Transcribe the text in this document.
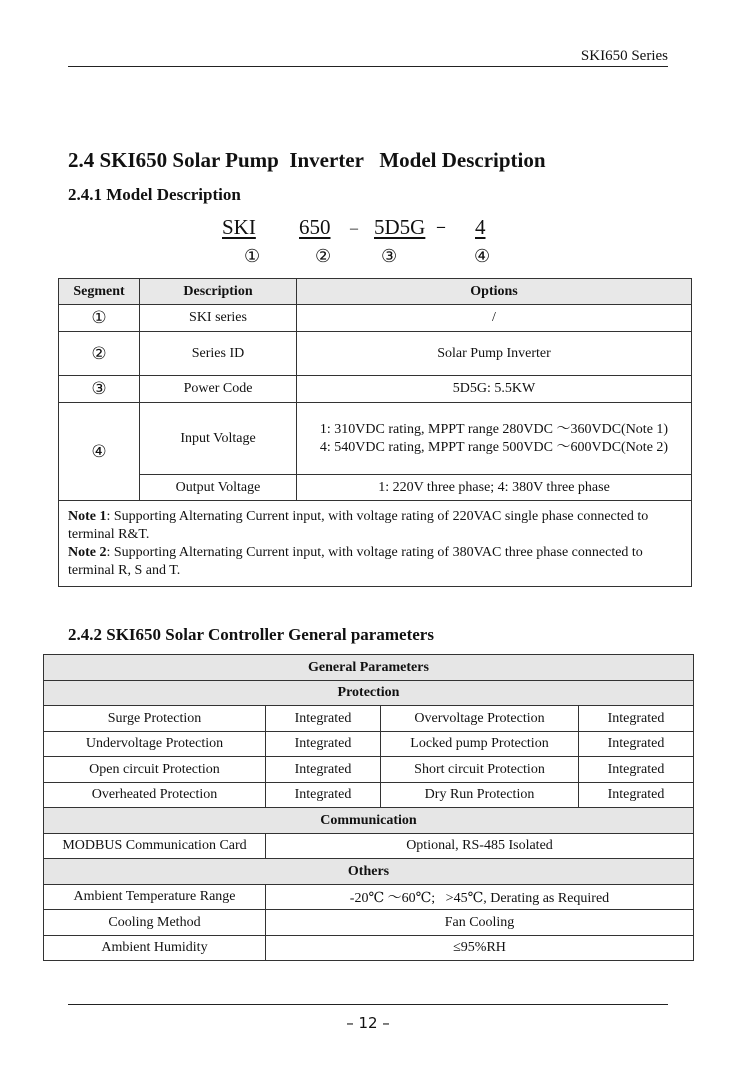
SKI650 Series
2.4 SKI650 Solar Pump  Inverter   Model Description
2.4.1 Model Description
SKI 650 – 5D5G – 4
①	②	③	④
Segment	Description	Options
①	SKI series	/
②	Series ID	Solar Pump Inverter
③	Power Code	5D5G: 5.5KW
④	Input Voltage	1: 310VDC rating, MPPT range 280VDC ～360VDC(Note 1)
4: 540VDC rating, MPPT range 500VDC ～600VDC(Note 2)

	Output Voltage	1: 220V three phase; 4: 380V three phase

Note 1: Supporting Alternating Current input, with voltage rating of 220VAC single phase connected to terminal R&T.
Note 2: Supporting Alternating Current input, with voltage rating of 380VAC three phase connected to terminal R, S and T.		
2.4.2 SKI650 Solar Controller General parameters
General Parameters			
Protection			
Surge Protection	Integrated	Overvoltage Protection	Integrated
Undervoltage Protection	Integrated	Locked pump Protection	Integrated
Open circuit Protection	Integrated	Short circuit Protection	Integrated
Overheated Protection	Integrated	Dry Run Protection	Integrated
Communication			
MODBUS Communication Card	Optional, RS-485 Isolated		
Others			
Ambient Temperature Range	-20℃ ～60℃;   >45℃, Derating as Required		
Cooling Method	Fan Cooling		
Ambient Humidity	≤95%RH		
– 12 –
